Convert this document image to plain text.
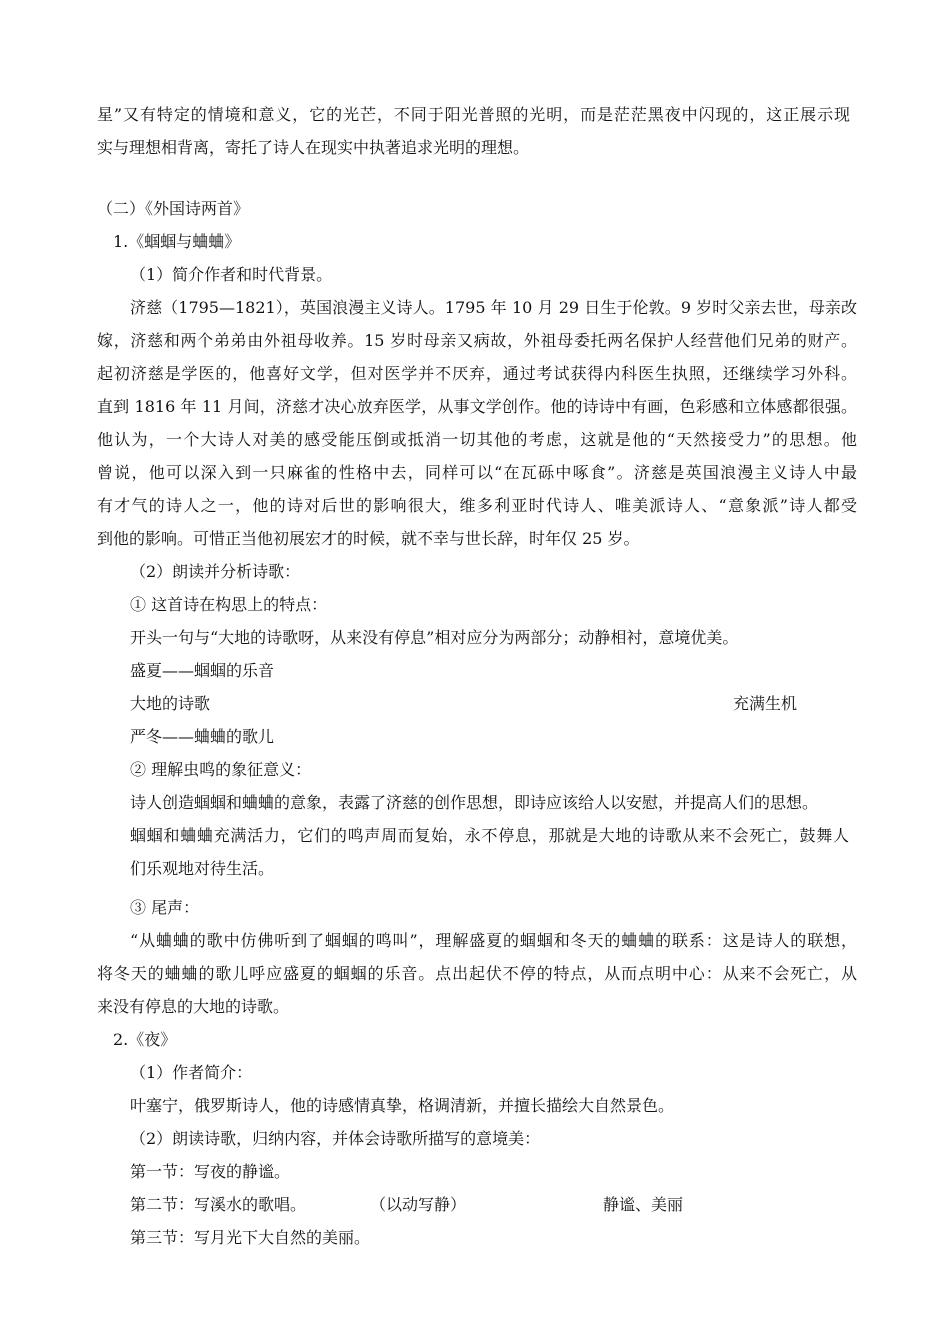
星”又有特定的情境和意义，它的光芒，不同于阳光普照的光明，而是茫茫黑夜中闪现的，这正展示现
实与理想相背离，寄托了诗人在现实中执著追求光明的理想。
（二）《外国诗两首》
1.《蝈蝈与蛐蛐》
（1）简介作者和时代背景。
济慈（1795—1821），英国浪漫主义诗人。1795 年 10 月 29 日生于伦敦。9 岁时父亲去世，母亲改
嫁，济慈和两个弟弟由外祖母收养。15 岁时母亲又病故，外祖母委托两名保护人经营他们兄弟的财产。
起初济慈是学医的，他喜好文学，但对医学并不厌弃，通过考试获得内科医生执照，还继续学习外科。
直到 1816 年 11 月间，济慈才决心放弃医学，从事文学创作。他的诗诗中有画，色彩感和立体感都很强。
他认为，一个大诗人对美的感受能压倒或抵消一切其他的考虑，这就是他的“天然接受力”的思想。他
曾说，他可以深入到一只麻雀的性格中去，同样可以“在瓦砾中啄食”。济慈是英国浪漫主义诗人中最
有才气的诗人之一，他的诗对后世的影响很大，维多利亚时代诗人、唯美派诗人、“意象派”诗人都受
到他的影响。可惜正当他初展宏才的时候，就不幸与世长辞，时年仅 25 岁。
（2）朗读并分析诗歌：
① 这首诗在构思上的特点：
开头一句与“大地的诗歌呀，从来没有停息”相对应分为两部分；动静相衬，意境优美。
盛夏——蝈蝈的乐音
大地的诗歌	充满生机
严冬——蛐蛐的歌儿
② 理解虫鸣的象征意义：
诗人创造蝈蝈和蛐蛐的意象，表露了济慈的创作思想，即诗应该给人以安慰，并提高人们的思想。
蝈蝈和蛐蛐充满活力，它们的鸣声周而复始，永不停息，那就是大地的诗歌从来不会死亡，鼓舞人
们乐观地对待生活。
③ 尾声：
“从蛐蛐的歌中仿佛听到了蝈蝈的鸣叫”，理解盛夏的蝈蝈和冬天的蛐蛐的联系：这是诗人的联想，
将冬天的蛐蛐的歌儿呼应盛夏的蝈蝈的乐音。点出起伏不停的特点，从而点明中心：从来不会死亡，从
来没有停息的大地的诗歌。
2.《夜》
（1）作者简介：
叶塞宁，俄罗斯诗人，他的诗感情真挚，格调清新，并擅长描绘大自然景色。
（2）朗读诗歌，归纳内容，并体会诗歌所描写的意境美：
第一节：写夜的静谧。
第二节：写溪水的歌唱。	（以动写静）	静谧、美丽
第三节：写月光下大自然的美丽。
